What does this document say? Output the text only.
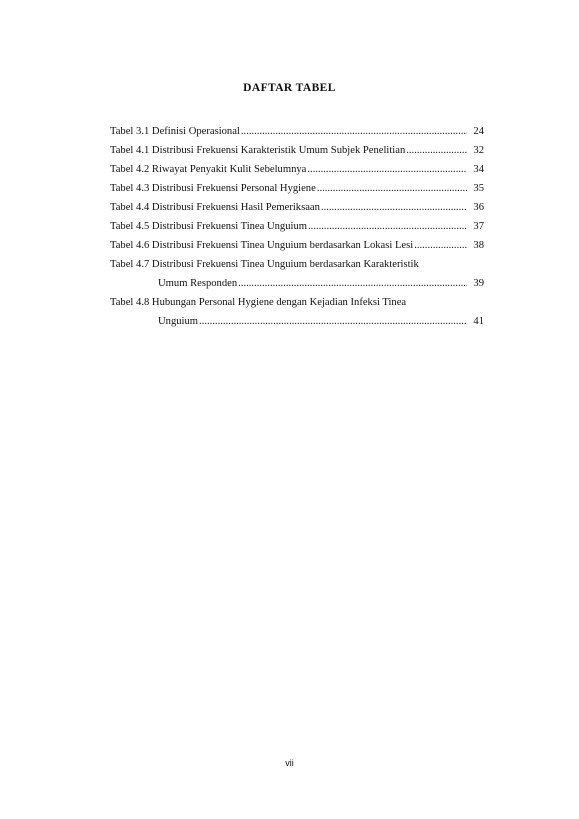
DAFTAR TABEL
Tabel 3.1 Definisi Operasional .....	24
Tabel 4.1 Distribusi Frekuensi Karakteristik Umum Subjek Penelitian .....	32
Tabel 4.2 Riwayat Penyakit Kulit Sebelumnya .....	34
Tabel 4.3 Distribusi Frekuensi Personal Hygiene .....	35
Tabel 4.4 Distribusi Frekuensi Hasil Pemeriksaan .....	36
Tabel 4.5 Distribusi Frekuensi Tinea Unguium .....	37
Tabel 4.6 Distribusi Frekuensi Tinea Unguium berdasarkan Lokasi Lesi .....	38
Tabel 4.7 Distribusi Frekuensi Tinea Unguium berdasarkan Karakteristik
Umum Responden .....	39
Tabel 4.8 Hubungan Personal Hygiene dengan Kejadian Infeksi Tinea
Unguium .....	41
vii
